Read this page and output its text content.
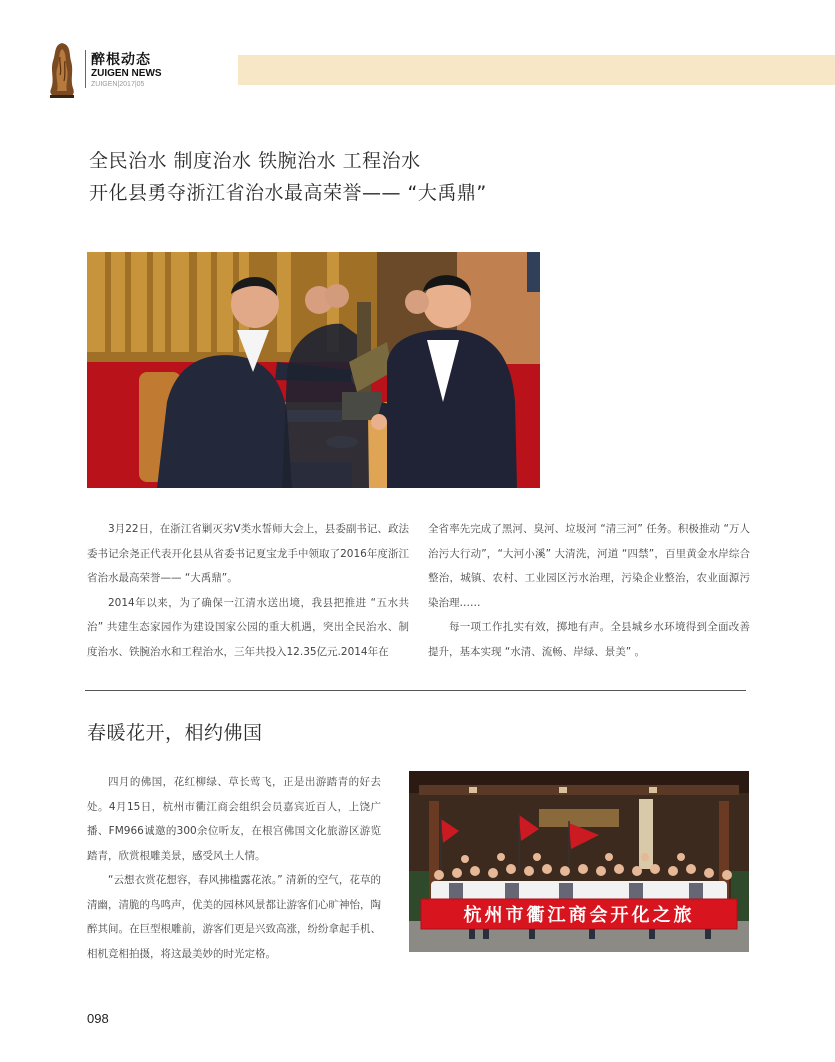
醉根动态
ZUIGEN NEWS
ZUIGEN|2017|05
全民治水 制度治水 铁腕治水 工程治水
开化县勇夺浙江省治水最高荣誉—— “大禹鼎”

3月22日，在浙江省剿灭劣V类水誓师大会上，县委副书记、政法委书记余尧正代表开化县从省委书记夏宝龙手中领取了2016年度浙江省治水最高荣誉—— “大禹鼎”。

2014年以来，为了确保一江清水送出境，我县把推进 “五水共治” 共建生态家园作为建设国家公园的重大机遇，突出全民治水、制度治水、铁腕治水和工程治水，三年共投入12.35亿元.2014年在

全省率先完成了黑河、臭河、垃圾河 “清三河” 任务。积极推动 “万人治污大行动”，“大河小溪” 大清洗，河道 “四禁”，百里黄金水岸综合整治，城镇、农村、工业园区污水治理，污染企业整治，农业面源污染治理……

每一项工作扎实有效，掷地有声。全县城乡水环境得到全面改善提升，基本实现 “水清、流畅、岸绿、景美” 。

春暖花开，相约佛国

四月的佛国，花红柳绿、草长莺飞，正是出游踏青的好去处。4月15日，杭州市衢江商会组织会员嘉宾近百人，上饶广播、FM966诚邀的300余位听友，在根宫佛国文化旅游区游览踏青，欣赏根雕美景，感受风土人情。

“云想衣赏花想容，春风拂槛露花浓。” 清新的空气，花草的清幽，清脆的鸟鸣声，优美的园林风景都让游客们心旷神怡，陶醉其间。在巨型根雕前，游客们更是兴致高涨，纷纷拿起手机、相机竞相拍摄，将这最美妙的时光定格。

杭州市衢江商会开化之旅
098
